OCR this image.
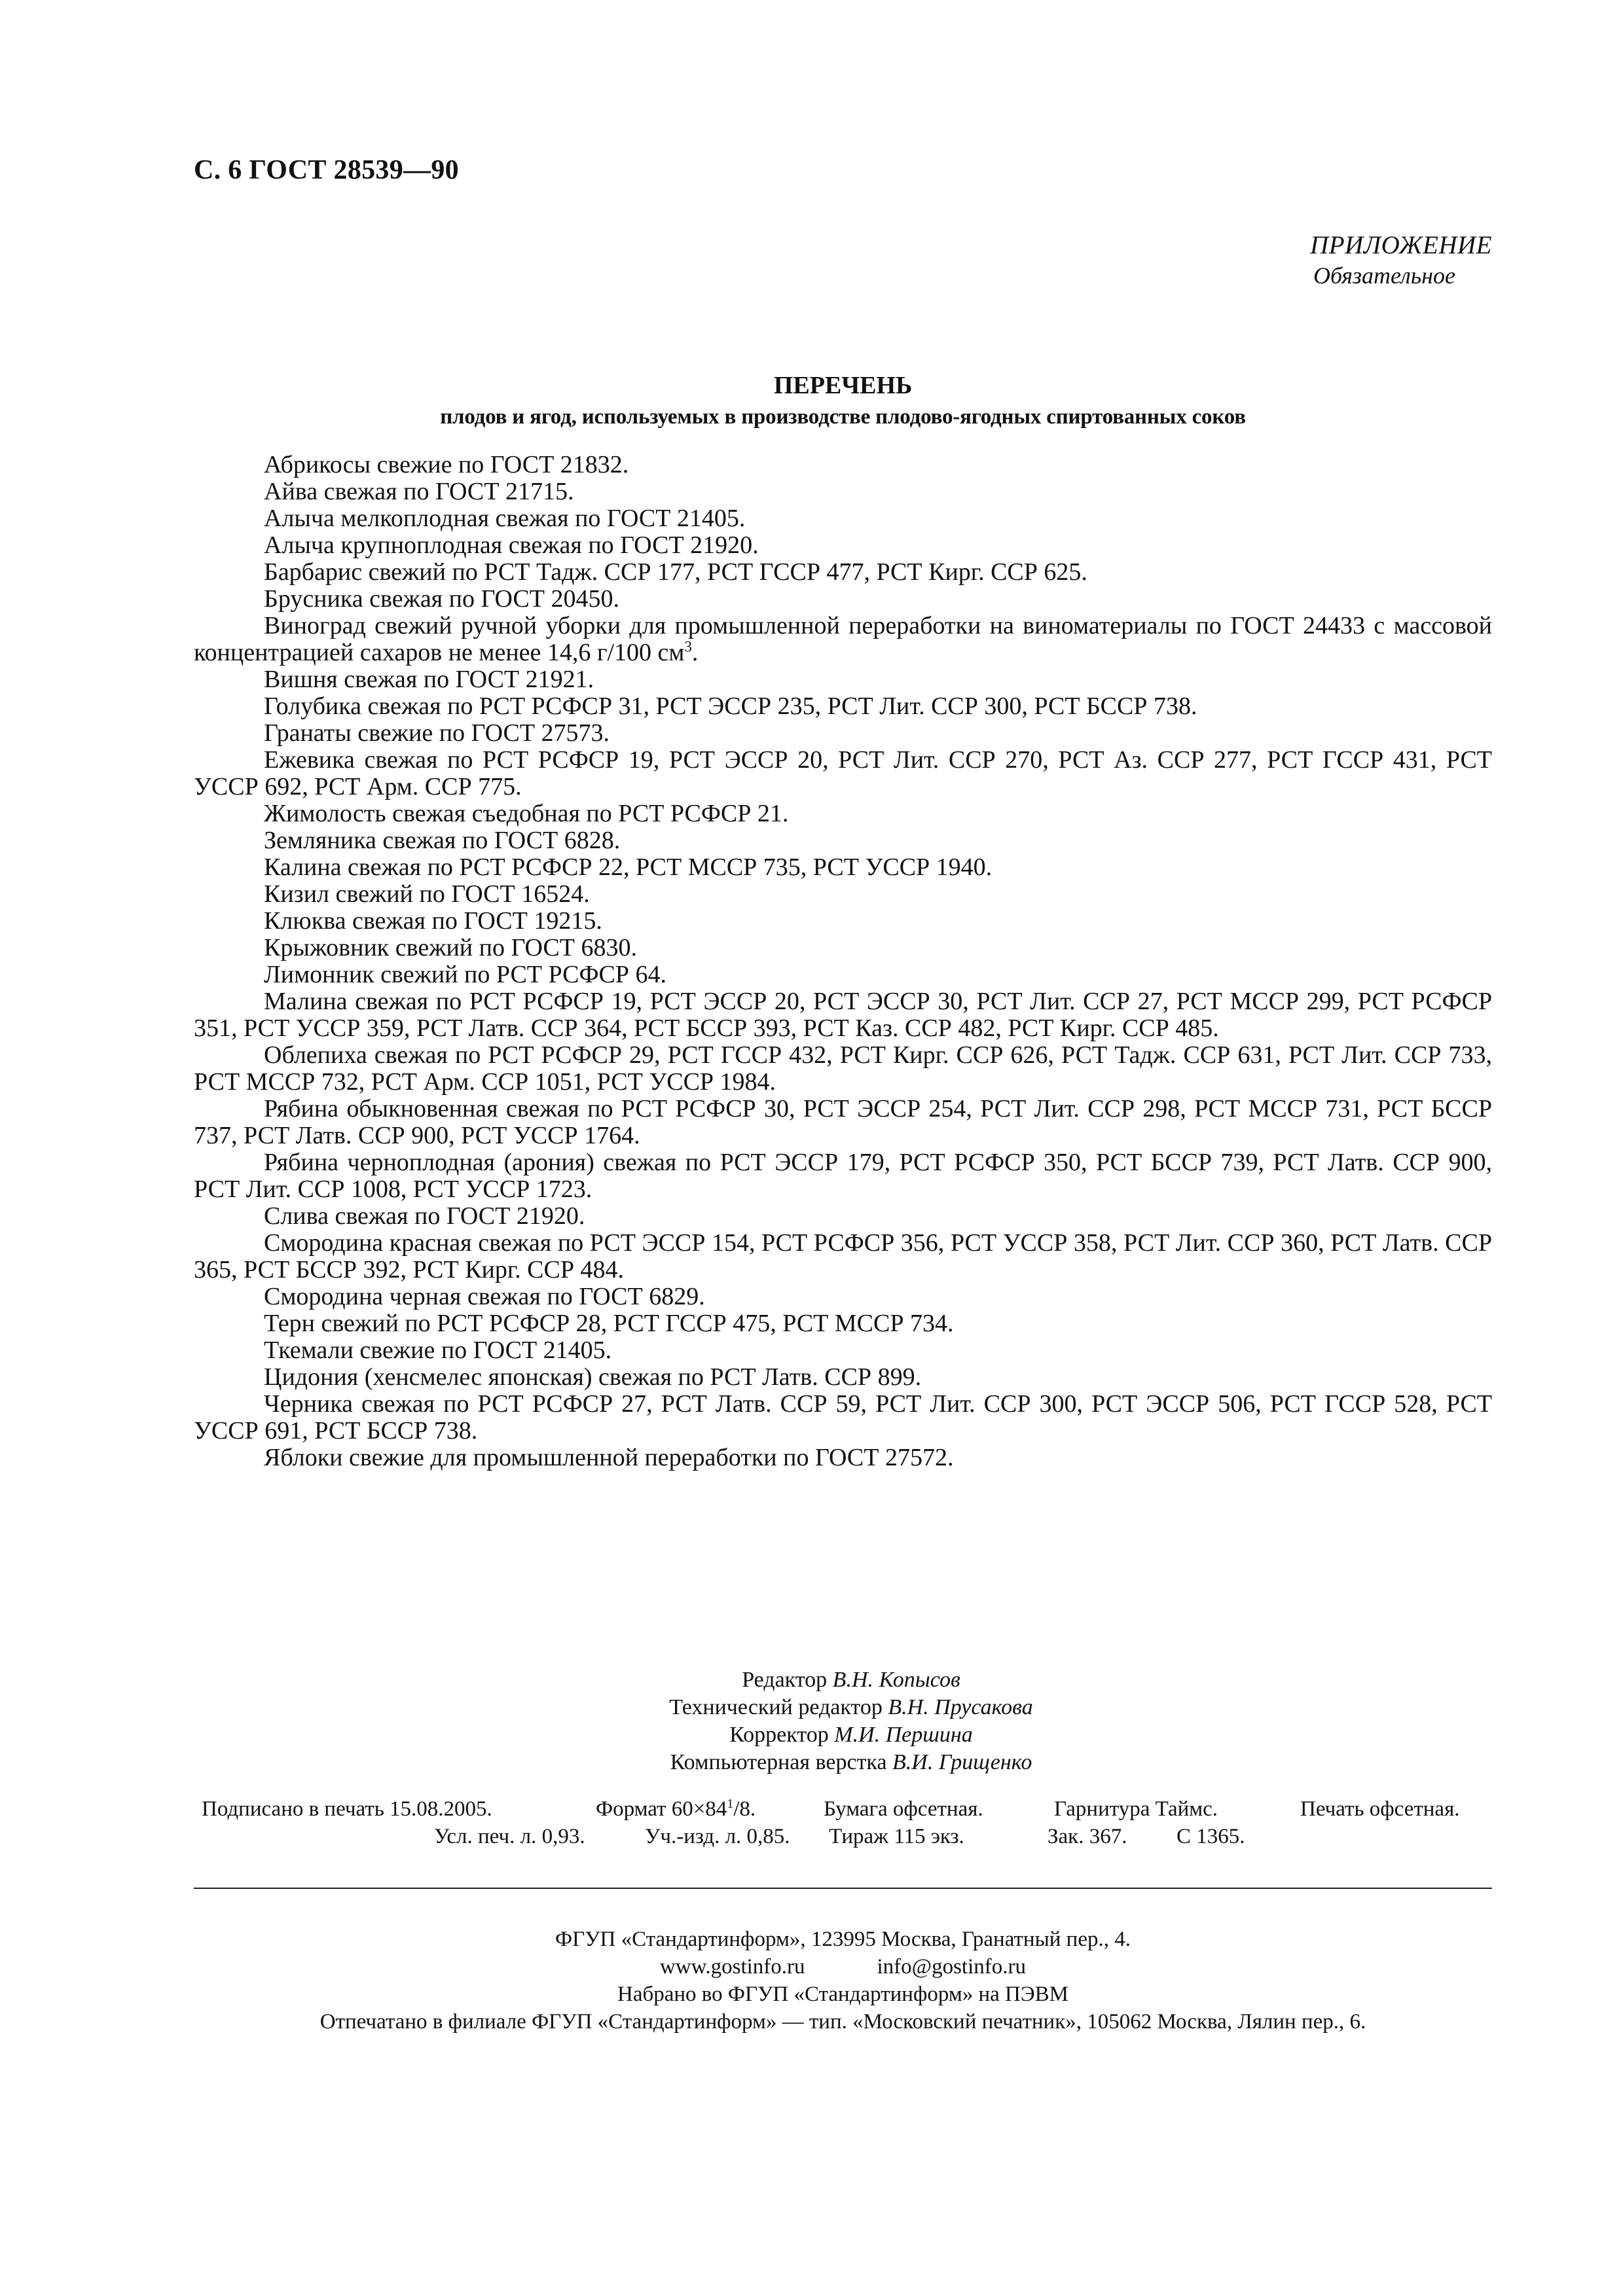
С. 6 ГОСТ 28539—90
ПРИЛОЖЕНИЕ
Обязательное
ПЕРЕЧЕНЬ
плодов и ягод, используемых в производстве плодово-ягодных спиртованных соков

Абрикосы свежие по ГОСТ 21832.

Айва свежая по ГОСТ 21715.

Алыча мелкоплодная свежая по ГОСТ 21405.

Алыча крупноплодная свежая по ГОСТ 21920.

Барбарис свежий по РСТ Тадж. ССР 177, РСТ ГССР 477, РСТ Кирг. ССР 625.

Брусника свежая по ГОСТ 20450.

Виноград свежий ручной уборки для промышленной переработки на виноматериалы по ГОСТ 24433 с массовой концентрацией сахаров не менее 14,6 г/100 $см^3$.

Вишня свежая по ГОСТ 21921.

Голубика свежая по РСТ РСФСР 31, РСТ ЭССР 235, РСТ Лит. ССР 300, РСТ БССР 738.

Гранаты свежие по ГОСТ 27573.

Ежевика свежая по РСТ РСФСР 19, РСТ ЭССР 20, РСТ Лит. ССР 270, РСТ Аз. ССР 277, РСТ ГССР 431, РСТ УССР 692, РСТ Арм. ССР 775.

Жимолость свежая съедобная по РСТ РСФСР 21.

Земляника свежая по ГОСТ 6828.

Калина свежая по РСТ РСФСР 22, РСТ МССР 735, РСТ УССР 1940.

Кизил свежий по ГОСТ 16524.

Клюква свежая по ГОСТ 19215.

Крыжовник свежий по ГОСТ 6830.

Лимонник свежий по РСТ РСФСР 64.

Малина свежая по РСТ РСФСР 19, РСТ ЭССР 20, РСТ ЭССР 30, РСТ Лит. ССР 27, РСТ МССР 299, РСТ РСФСР 351, РСТ УССР 359, РСТ Латв. ССР 364, РСТ БССР 393, РСТ Каз. ССР 482, РСТ Кирг. ССР 485.

Облепиха свежая по РСТ РСФСР 29, РСТ ГССР 432, РСТ Кирг. ССР 626, РСТ Тадж. ССР 631, РСТ Лит. ССР 733, РСТ МССР 732, РСТ Арм. ССР 1051, РСТ УССР 1984.

Рябина обыкновенная свежая по РСТ РСФСР 30, РСТ ЭССР 254, РСТ Лит. ССР 298, РСТ МССР 731, РСТ БССР 737, РСТ Латв. ССР 900, РСТ УССР 1764.

Рябина черноплодная (арония) свежая по РСТ ЭССР 179, РСТ РСФСР 350, РСТ БССР 739, РСТ Латв. ССР 900, РСТ Лит. ССР 1008, РСТ УССР 1723.

Слива свежая по ГОСТ 21920.

Смородина красная свежая по РСТ ЭССР 154, РСТ РСФСР 356, РСТ УССР 358, РСТ Лит. ССР 360, РСТ Латв. ССР 365, РСТ БССР 392, РСТ Кирг. ССР 484.

Смородина черная свежая по ГОСТ 6829.

Терн свежий по РСТ РСФСР 28, РСТ ГССР 475, РСТ МССР 734.

Ткемали свежие по ГОСТ 21405.

Цидония (хенсмелес японская) свежая по РСТ Латв. ССР 899.

Черника свежая по РСТ РСФСР 27, РСТ Латв. ССР 59, РСТ Лит. ССР 300, РСТ ЭССР 506, РСТ ГССР 528, РСТ УССР 691, РСТ БССР 738.

Яблоки свежие для промышленной переработки по ГОСТ 27572.

Редактор В.Н. Копысов
Технический редактор В.Н. Прусакова
Корректор М.И. Першина
Компьютерная верстка В.И. Грищенко
Подписано в печать 15.08.2005.	Формат $60\times 84^1/8$.	Бумага офсетная.	Гарнитура Таймс.	Печать офсетная.
Усл. печ. л. 0,93.	Уч.-изд. л. 0,85. Тираж 115 экз.	Зак. 367. С 1365.
ФГУП «Стандартинформ», 123995 Москва, Гранатный пер., 4.
www.gostinfo.ru	info@gostinfo.ru
Набрано во ФГУП «Стандартинформ» на ПЭВМ
Отпечатано в филиале ФГУП «Стандартинформ» — тип. «Московский печатник», 105062 Москва, Лялин пер., 6.
